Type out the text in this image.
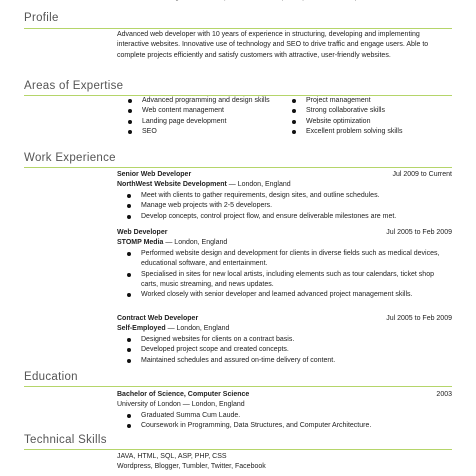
Profile

Advanced web developer with 10 years of experience in structuring, developing and implementing interactive websites. Innovative use of technology and SEO to drive traffic and engage users. Able to complete projects efficiently and satisfy customers with attractive, user-friendly websites.

Areas of Expertise
Advanced programming and design skills
Web content management
Landing page development
SEO
Project management
Strong collaborative skills
Website optimization
Excellent problem solving skills
Work Experience
Senior Web Developer	Jul 2009 to Current
NorthWest Website Development — London, England
Meet with clients to gather requirements, design sites, and outline schedules.
Manage web projects with 2-5 developers.
Develop concepts, control project flow, and ensure deliverable milestones are met.
Web Developer	Jul 2005 to Feb 2009
STOMP Media — London, England
Performed website design and development for clients in diverse fields such as medical devices, educational software, and entertainment.
Specialised in sites for new local artists, including elements such as tour calendars, ticket shop carts, music streaming, and news updates.
Worked closely with senior developer and learned advanced project management skills.
Contract Web Developer	Jul 2005 to Feb 2009
Self-Employed — London, England
Designed websites for clients on a contract basis.
Developed project scope and created concepts.
Maintained schedules and assured on-time delivery of content.
Education
Bachelor of Science, Computer Science	2003
University of London — London, England
Graduated Summa Cum Laude.
Coursework in Programming, Data Structures, and Computer Architecture.
Technical Skills
JAVA, HTML, SQL, ASP, PHP, CSS
Wordpress, Blogger, Tumbler, Twitter, Facebook
